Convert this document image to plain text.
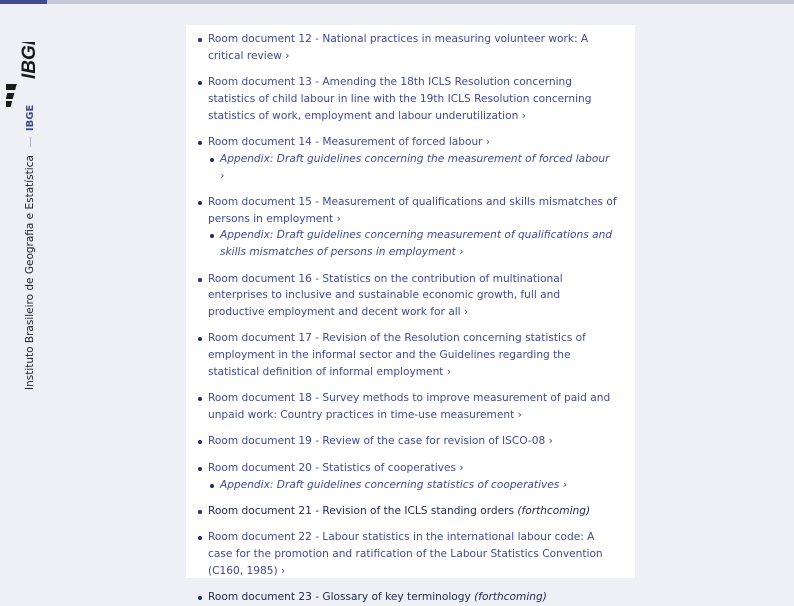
IBGE
Instituto Brasileiro de Geografia e Estatística
IBGE
Room document 12 - National practices in measuring volunteer work: A critical review ›
Room document 13 - Amending the 18th ICLS Resolution concerning statistics of child labour in line with the 19th ICLS Resolution concerning statistics of work, employment and labour underutilization ›
Room document 14 - Measurement of forced labour ›
Appendix: Draft guidelines concerning the measurement of forced labour ›
Room document 15 - Measurement of qualifications and skills mismatches of persons in employment ›
Appendix: Draft guidelines concerning measurement of qualifications and skills mismatches of persons in employment ›
Room document 16 - Statistics on the contribution of multinational enterprises to inclusive and sustainable economic growth, full and productive employment and decent work for all ›
Room document 17 - Revision of the Resolution concerning statistics of employment in the informal sector and the Guidelines regarding the statistical definition of informal employment ›
Room document 18 - Survey methods to improve measurement of paid and unpaid work: Country practices in time-use measurement ›
Room document 19 - Review of the case for revision of ISCO-08 ›
Room document 20 - Statistics of cooperatives ›
Appendix: Draft guidelines concerning statistics of cooperatives ›
Room document 21 - Revision of the ICLS standing orders (forthcoming)
Room document 22 - Labour statistics in the international labour code: A case for the promotion and ratification of the Labour Statistics Convention (C160, 1985) ›
Room document 23 - Glossary of key terminology (forthcoming)
